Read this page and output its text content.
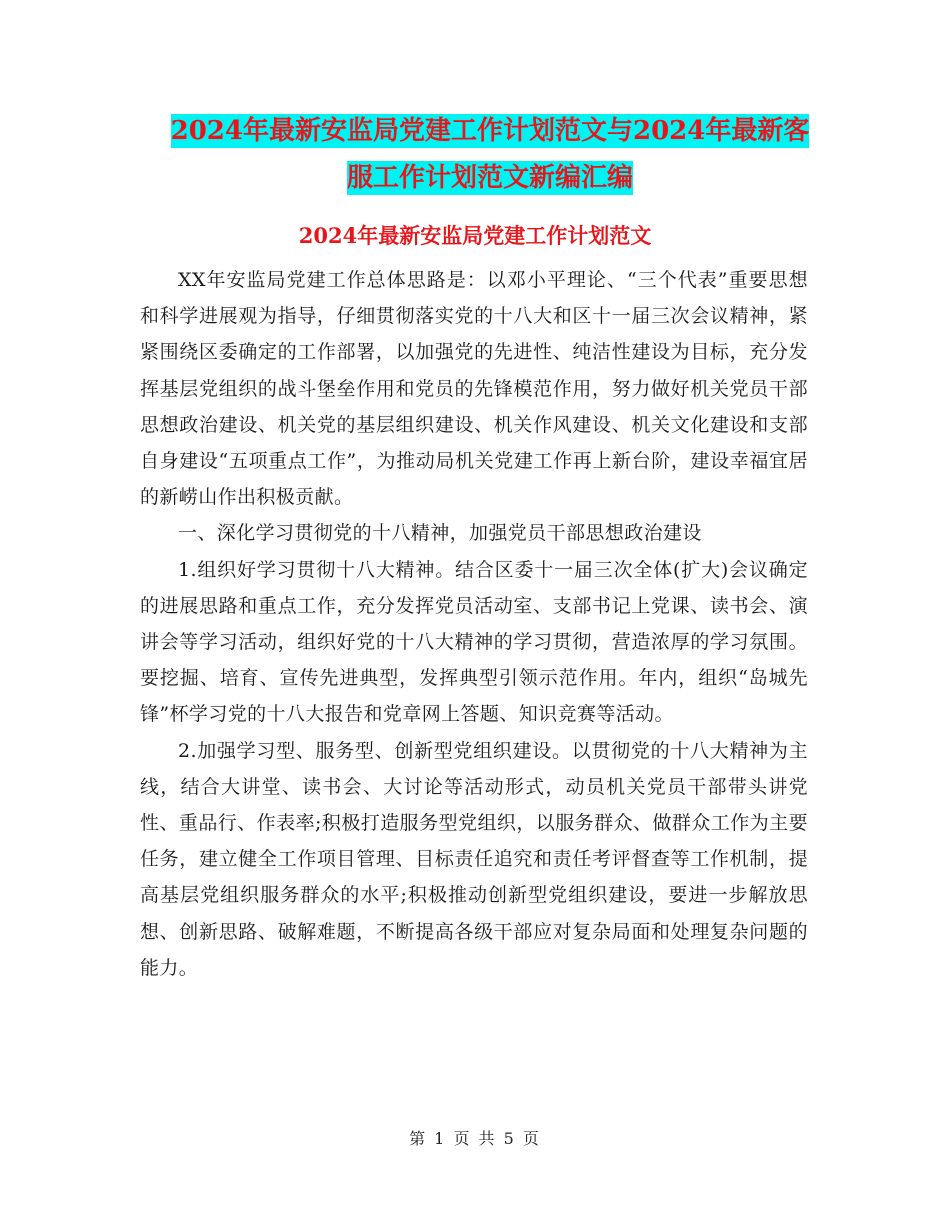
2024年最新安监局党建工作计划范文与2024年最新客
服工作计划范文新编汇编
2024年最新安监局党建工作计划范文

XX年安监局党建工作总体思路是：以邓小平理论、“三个代表”重要思想和科学进展观为指导，仔细贯彻落实党的十八大和区十一届三次会议精神，紧紧围绕区委确定的工作部署，以加强党的先进性、纯洁性建设为目标，充分发挥基层党组织的战斗堡垒作用和党员的先锋模范作用，努力做好机关党员干部思想政治建设、机关党的基层组织建设、机关作风建设、机关文化建设和支部自身建设“五项重点工作”，为推动局机关党建工作再上新台阶，建设幸福宜居的新崂山作出积极贡献。

一、深化学习贯彻党的十八精神，加强党员干部思想政治建设

1.组织好学习贯彻十八大精神。结合区委十一届三次全体(扩大)会议确定的进展思路和重点工作，充分发挥党员活动室、支部书记上党课、读书会、演讲会等学习活动，组织好党的十八大精神的学习贯彻，营造浓厚的学习氛围。要挖掘、培育、宣传先进典型，发挥典型引领示范作用。年内，组织“岛城先锋”杯学习党的十八大报告和党章网上答题、知识竞赛等活动。

2.加强学习型、服务型、创新型党组织建设。以贯彻党的十八大精神为主线，结合大讲堂、读书会、大讨论等活动形式，动员机关党员干部带头讲党性、重品行、作表率;积极打造服务型党组织，以服务群众、做群众工作为主要任务，建立健全工作项目管理、目标责任追究和责任考评督查等工作机制，提高基层党组织服务群众的水平;积极推动创新型党组织建设，要进一步解放思想、创新思路、破解难题，不断提高各级干部应对复杂局面和处理复杂问题的能力。

第 1 页 共 5 页
